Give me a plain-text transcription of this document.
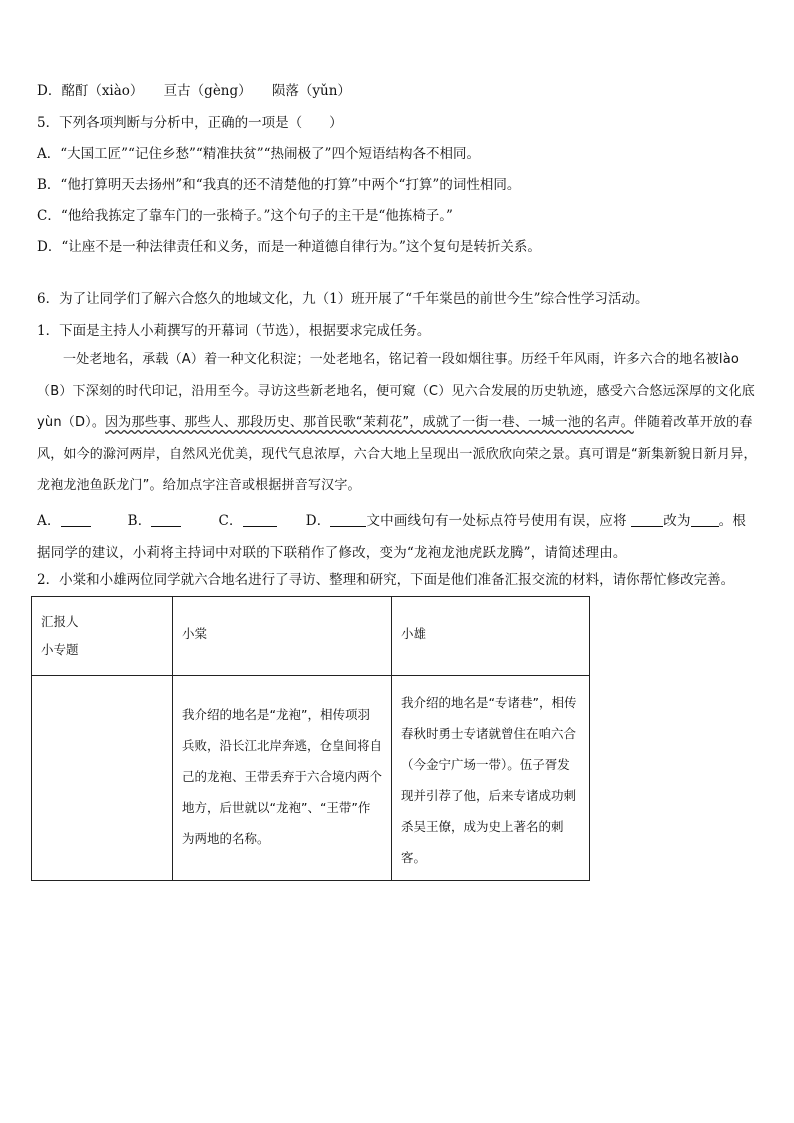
D．酩酊（xiào）　　亘古（gèng）　　陨落（yǔn）
5．下列各项判断与分析中，正确的一项是（　　）
A．“大国工匠”“记住乡愁”“精准扶贫”“热闹极了”四个短语结构各不相同。
B．“他打算明天去扬州”和“我真的还不清楚他的打算”中两个“打算”的词性相同。
C．“他给我拣定了靠车门的一张椅子。”这个句子的主干是“他拣椅子。”
D．“让座不是一种法律责任和义务，而是一种道德自律行为。”这个复句是转折关系。
6．为了让同学们了解六合悠久的地域文化，九（1）班开展了“千年棠邑的前世今生”综合性学习活动。
1．下面是主持人小莉撰写的开幕词（节选），根据要求完成任务。
一处老地名，承载（A）着一种文化积淀；一处老地名，铭记着一段如烟往事。历经千年风雨，许多六合的地名被lào（B）下深刻的时代印记，沿用至今。寻访这些新老地名，便可窥（C）见六合发展的历史轨迹，感受六合悠远深厚的文化底 yùn（D）。因为那些事、那些人、那段历史、那首民歌“茉莉花”，成就了一街一巷、一城一池的名声。伴随着改革开放的春风，如今的滁河两岸，自然风光优美，现代气息浓厚，六合大地上呈现出一派欣欣向荣之景。真可谓是“新集新貌日新月异，龙袍龙池鱼跃龙门”。给加点字注音或根据拼音写汉字。
A．	B．	C．	D．	文中画线句有一处标点符号使用有误，应将	改为 。根据同学的建议，小莉将主持词中对联的下联稍作了修改，变为“龙袍龙池虎跃龙腾”，请简述理由。
2．小棠和小雄两位同学就六合地名进行了寻访、整理和研究，下面是他们准备汇报交流的材料，请你帮忙修改完善。
汇报人
小专题	小棠	小雄

	我介绍的地名是“龙袍”，相传项羽兵败，沿长江北岸奔逃，仓皇间将自己的龙袍、王带丢弃于六合境内两个地方，后世就以“龙袍”、“王带”作为两地的名称。	我介绍的地名是“专诸巷”，相传春秋时勇士专诸就曾住在咱六合（今金宁广场一带）。伍子胥发现并引荐了他，后来专诸成功刺杀吴王僚，成为史上著名的刺客。
